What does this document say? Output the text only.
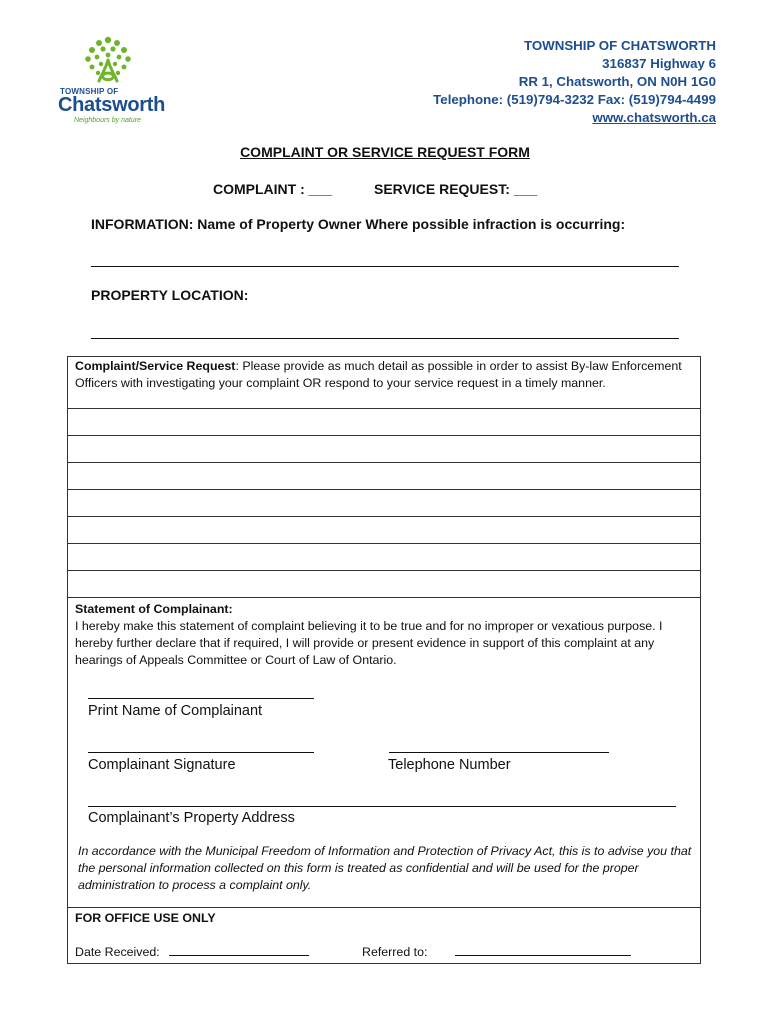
TOWNSHIP OF
Chatsworth
Neighbours by nature
TOWNSHIP OF CHATSWORTH
316837 Highway 6
RR 1, Chatsworth, ON N0H 1G0
Telephone: (519)794-3232 Fax: (519)794-4499
www.chatsworth.ca
COMPLAINT OR SERVICE REQUEST FORM
COMPLAINT : ___	SERVICE REQUEST: ___
INFORMATION: Name of Property Owner Where possible infraction is occurring:
PROPERTY LOCATION:
Complaint/Service Request: Please provide as much detail as possible in order to assist By-law Enforcement Officers with investigating your complaint OR respond to your service request in a timely manner.
Statement of Complainant:
I hereby make this statement of complaint believing it to be true and for no improper or vexatious purpose. I hereby further declare that if required, I will provide or present evidence in support of this complaint at any hearings of Appeals Committee or Court of Law of Ontario.
Print Name of Complainant
Complainant Signature	Telephone Number
Complainant’s Property Address
In accordance with the Municipal Freedom of Information and Protection of Privacy Act, this is to advise you that the personal information collected on this form is treated as confidential and will be used for the proper administration to process a complaint only.
FOR OFFICE USE ONLY
Date Received:	Referred to:
